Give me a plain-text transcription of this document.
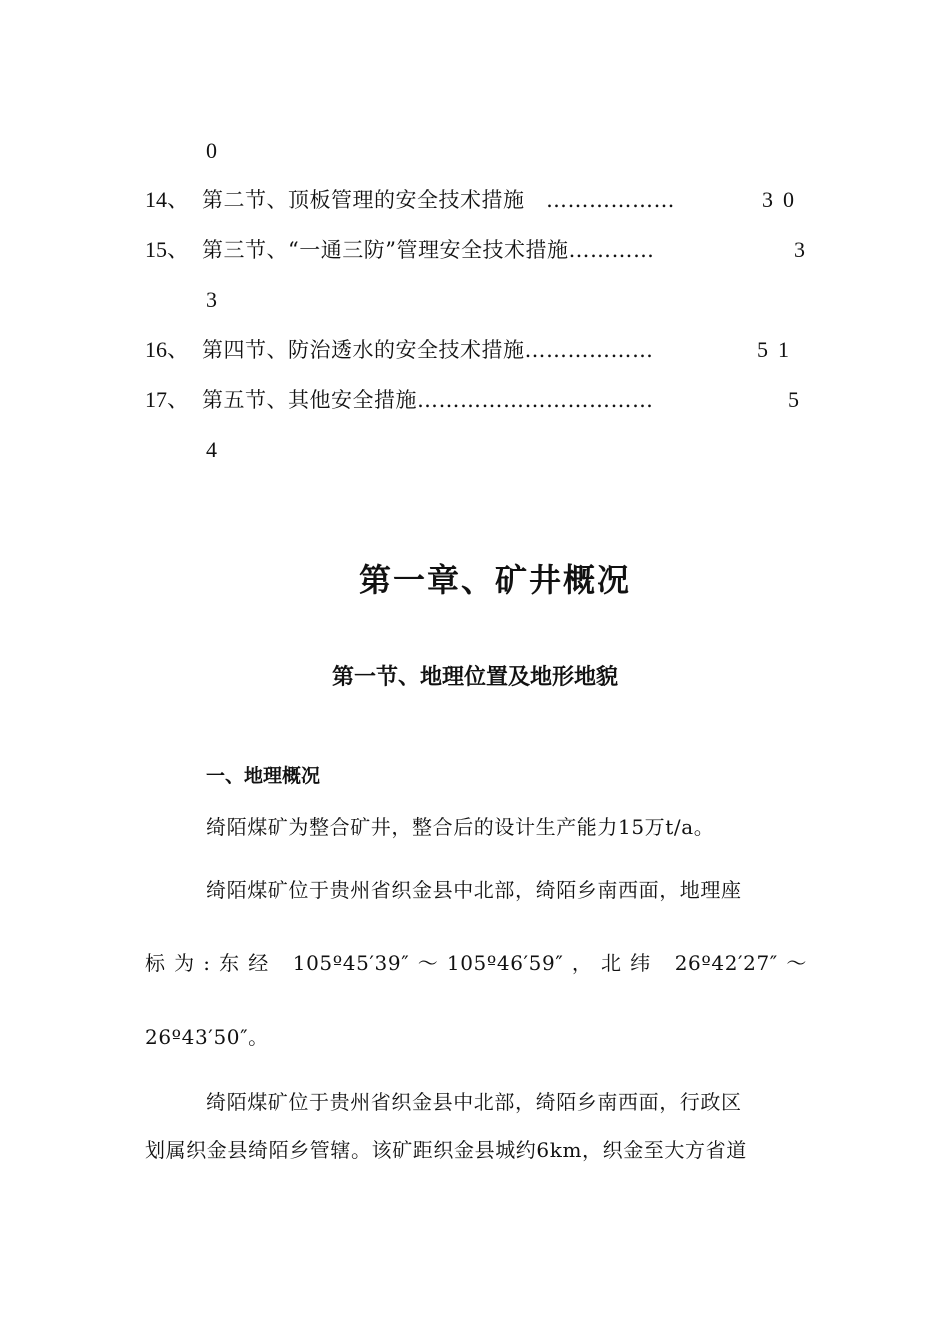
0
14、 第二节、顶板管理的安全技术措施　………………	30
15、 第三节、“一通三防”管理安全技术措施…………	3
3
16、 第四节、防治透水的安全技术措施………………	51
17、 第五节、其他安全措施……………………………	5
4
第一章、矿井概况
第一节、地理位置及地形地貌
一、地理概况
绮陌煤矿为整合矿井，整合后的设计生产能力15万t/a。
绮陌煤矿位于贵州省织金县中北部，绮陌乡南西面，地理座
标为:东经 105º45′39″～105º46′59″，北纬 26º42′27″～
26º43′50″。
绮陌煤矿位于贵州省织金县中北部，绮陌乡南西面，行政区
划属织金县绮陌乡管辖。该矿距织金县城约6km，织金至大方省道
